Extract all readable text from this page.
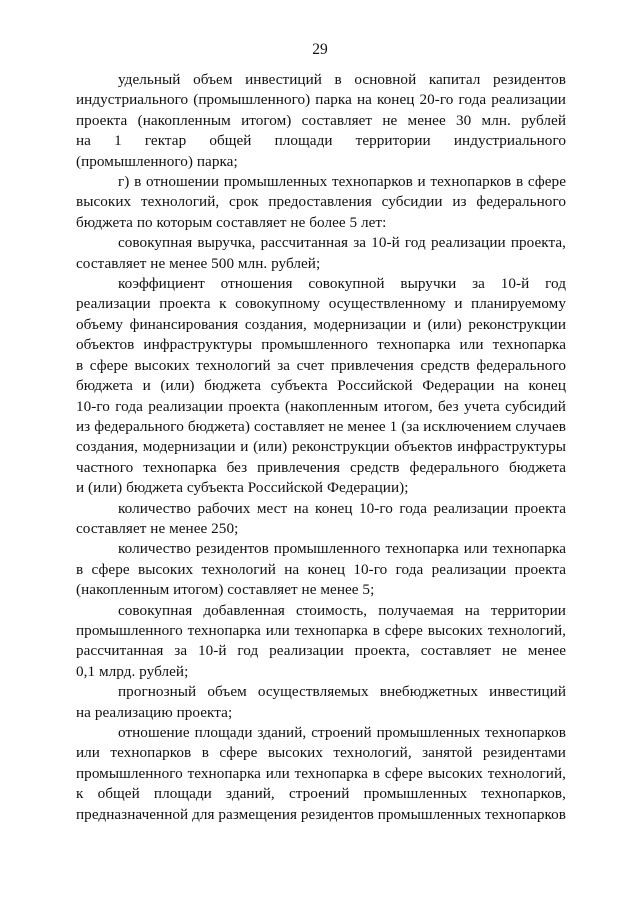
29

удельный объем инвестиций в основной капитал резидентов
индустриального (промышленного) парка на конец 20-го года реализации
проекта (накопленным итогом) составляет не менее 30 млн. рублей
на 1 гектар общей площади территории индустриального
(промышленного) парка;

г) в отношении промышленных технопарков и технопарков в сфере
высоких технологий, срок предоставления субсидии из федерального
бюджета по которым составляет не более 5 лет:

совокупная выручка, рассчитанная за 10-й год реализации проекта,
составляет не менее 500 млн. рублей;

коэффициент отношения совокупной выручки за 10-й год
реализации проекта к совокупному осуществленному и планируемому
объему финансирования создания, модернизации и (или) реконструкции
объектов инфраструктуры промышленного технопарка или технопарка
в сфере высоких технологий за счет привлечения средств федерального
бюджета и (или) бюджета субъекта Российской Федерации на конец
10-го года реализации проекта (накопленным итогом, без учета субсидий
из федерального бюджета) составляет не менее 1 (за исключением случаев
создания, модернизации и (или) реконструкции объектов инфраструктуры
частного технопарка без привлечения средств федерального бюджета
и (или) бюджета субъекта Российской Федерации);

количество рабочих мест на конец 10-го года реализации проекта
составляет не менее 250;

количество резидентов промышленного технопарка или технопарка
в сфере высоких технологий на конец 10-го года реализации проекта
(накопленным итогом) составляет не менее 5;

совокупная добавленная стоимость, получаемая на территории
промышленного технопарка или технопарка в сфере высоких технологий,
рассчитанная за 10-й год реализации проекта, составляет не менее
0,1 млрд. рублей;

прогнозный объем осуществляемых внебюджетных инвестиций
на реализацию проекта;

отношение площади зданий, строений промышленных технопарков
или технопарков в сфере высоких технологий, занятой резидентами
промышленного технопарка или технопарка в сфере высоких технологий,
к общей площади зданий, строений промышленных технопарков,
предназначенной для размещения резидентов промышленных технопарков
